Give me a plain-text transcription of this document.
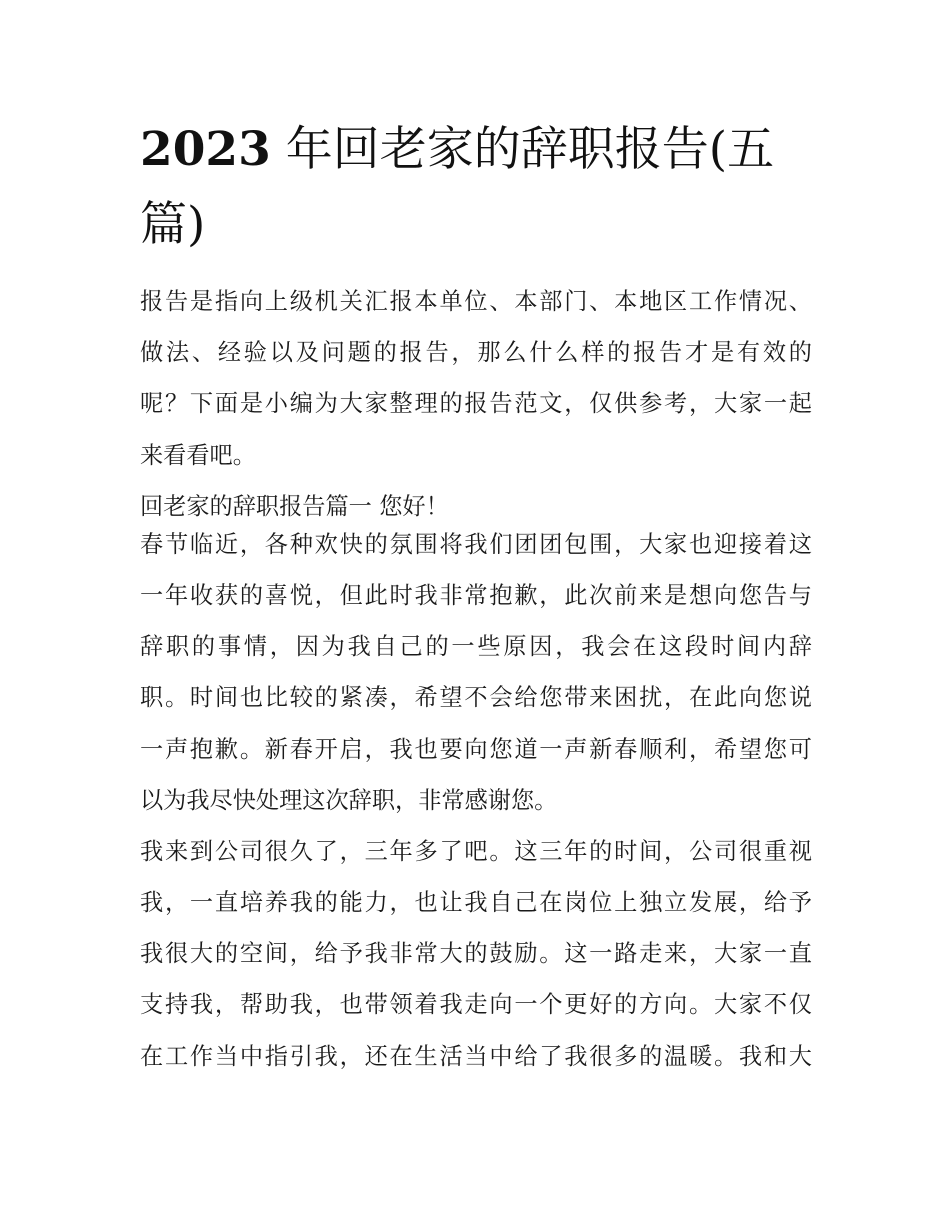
2023 年回老家的辞职报告(五
篇)
报告是指向上级机关汇报本单位、本部门、本地区工作情况、
做法、经验以及问题的报告，那么什么样的报告才是有效的
呢？下面是小编为大家整理的报告范文，仅供参考，大家一起
来看看吧。
回老家的辞职报告篇一 您好！
春节临近，各种欢快的氛围将我们团团包围，大家也迎接着这
一年收获的喜悦，但此时我非常抱歉，此次前来是想向您告与
辞职的事情，因为我自己的一些原因，我会在这段时间内辞
职。时间也比较的紧凑，希望不会给您带来困扰，在此向您说
一声抱歉。新春开启，我也要向您道一声新春顺利，希望您可
以为我尽快处理这次辞职，非常感谢您。
我来到公司很久了，三年多了吧。这三年的时间，公司很重视
我，一直培养我的能力，也让我自己在岗位上独立发展，给予
我很大的空间，给予我非常大的鼓励。这一路走来，大家一直
支持我，帮助我，也带领着我走向一个更好的方向。大家不仅
在工作当中指引我，还在生活当中给了我很多的温暖。我和大
